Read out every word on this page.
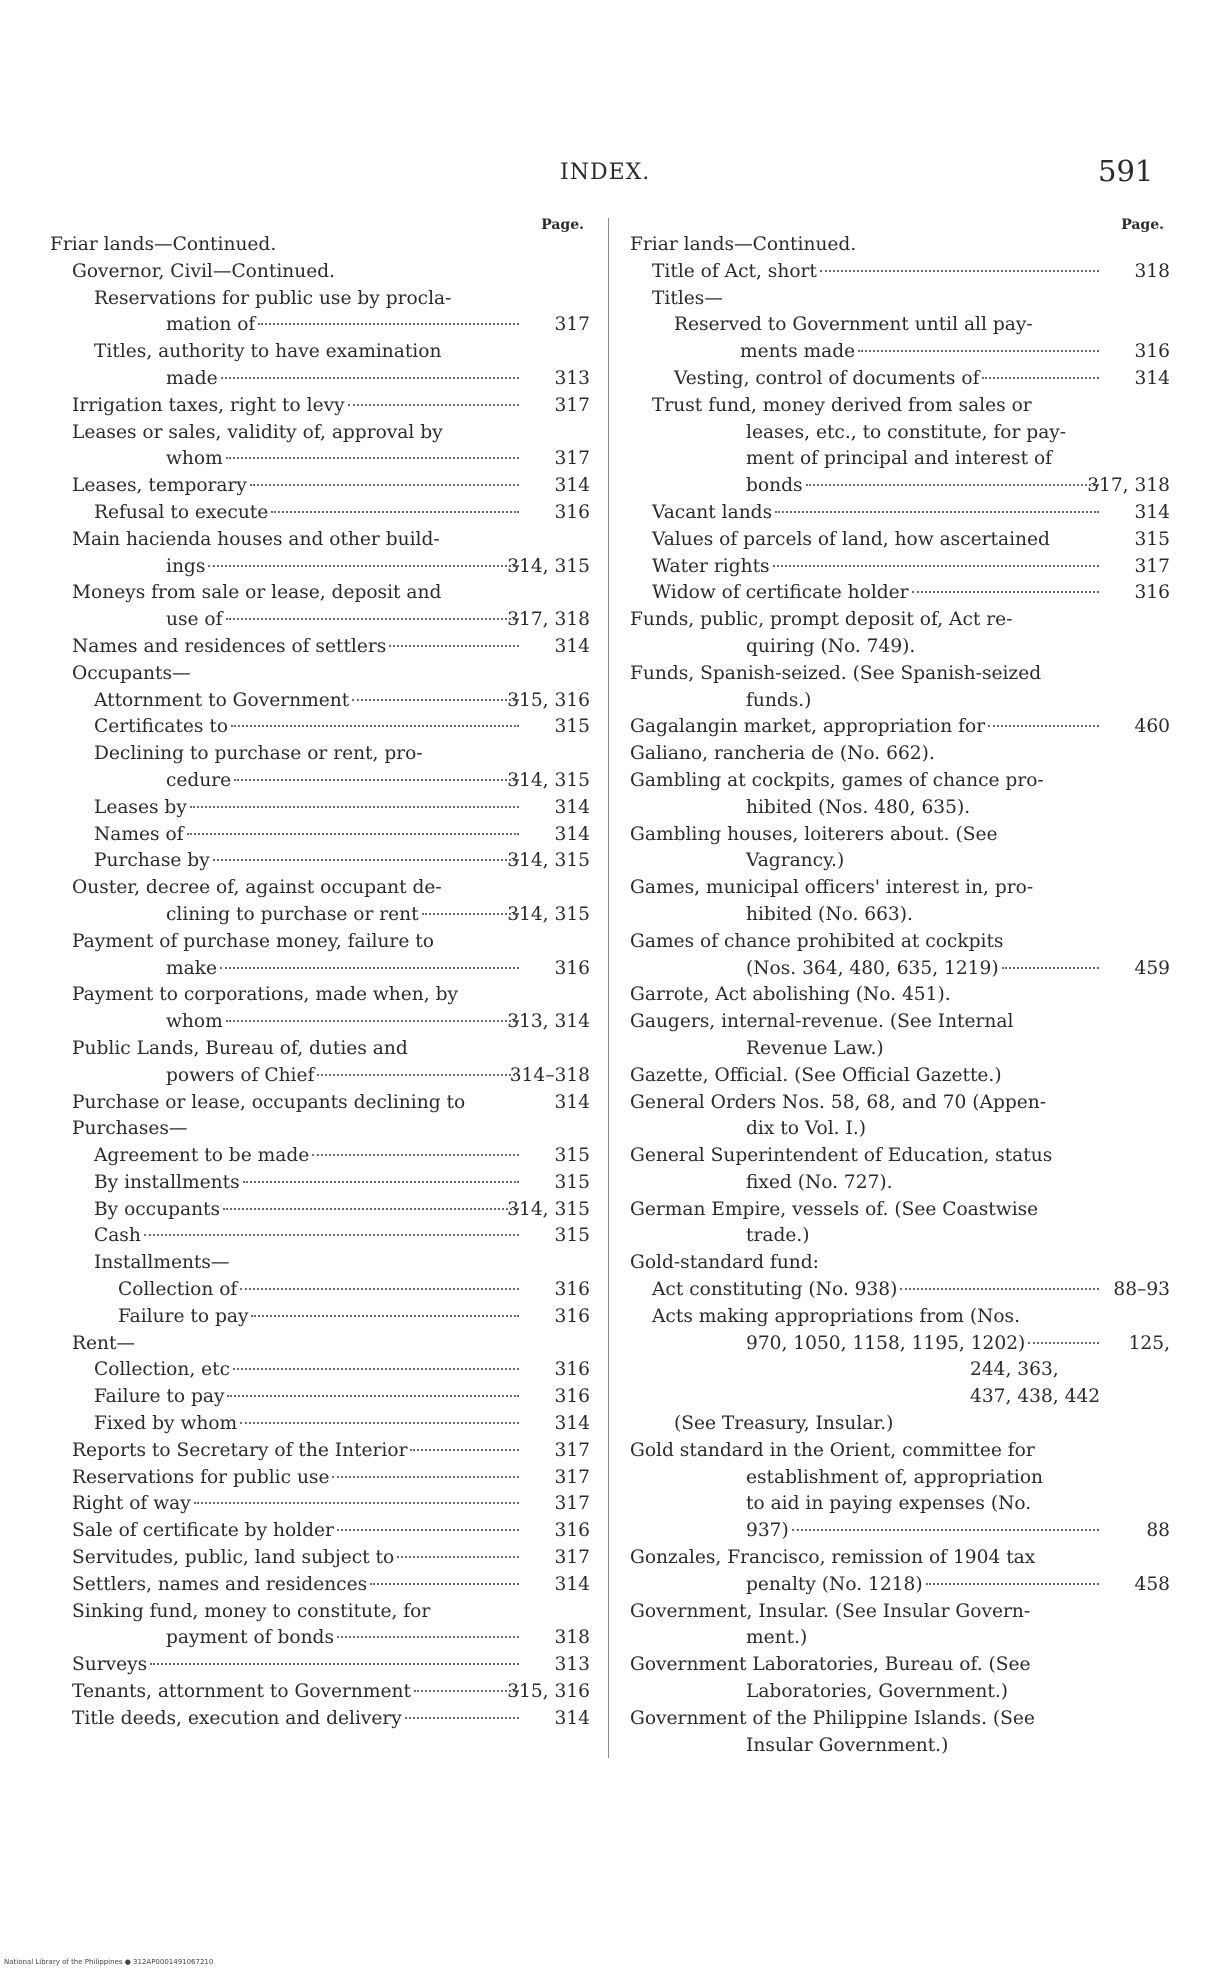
INDEX.	591
Page.
Friar lands—Continued.
Governor, Civil—Continued.
Reservations for public use by procla-
mation of	317
Titles, authority to have examination
made	313
Irrigation taxes, right to levy	317
Leases or sales, validity of, approval by
whom	317
Leases, temporary	314
Refusal to execute	316
Main hacienda houses and other build-
ings	314, 315
Moneys from sale or lease, deposit and
use of	317, 318
Names and residences of settlers	314
Occupants—
Attornment to Government	315, 316
Certificates to	315
Declining to purchase or rent, pro-
cedure	314, 315
Leases by	314
Names of	314
Purchase by	314, 315
Ouster, decree of, against occupant de-
clining to purchase or rent	314, 315
Payment of purchase money, failure to
make	316
Payment to corporations, made when, by
whom	313, 314
Public Lands, Bureau of, duties and
powers of Chief	314–318
Purchase or lease, occupants declining to	314
Purchases—
Agreement to be made	315
By installments	315
By occupants	314, 315
Cash	315
Installments—
Collection of	316
Failure to pay	316
Rent—
Collection, etc	316
Failure to pay	316
Fixed by whom	314
Reports to Secretary of the Interior	317
Reservations for public use	317
Right of way	317
Sale of certificate by holder	316
Servitudes, public, land subject to	317
Settlers, names and residences	314
Sinking fund, money to constitute, for
payment of bonds	318
Surveys	313
Tenants, attornment to Government	315, 316
Title deeds, execution and delivery	314
Page.
Friar lands—Continued.
Title of Act, short	318
Titles—
Reserved to Government until all pay-
ments made	316
Vesting, control of documents of	314
Trust fund, money derived from sales or
leases, etc., to constitute, for pay-
ment of principal and interest of
bonds	317, 318
Vacant lands	314
Values of parcels of land, how ascertained	315
Water rights	317
Widow of certificate holder	316
Funds, public, prompt deposit of, Act re-
quiring (No. 749).
Funds, Spanish-seized. (See Spanish-seized
funds.)
Gagalangin market, appropriation for	460
Galiano, rancheria de (No. 662).
Gambling at cockpits, games of chance pro-
hibited (Nos. 480, 635).
Gambling houses, loiterers about. (See
Vagrancy.)
Games, municipal officers' interest in, pro-
hibited (No. 663).
Games of chance prohibited at cockpits
(Nos. 364, 480, 635, 1219)	459
Garrote, Act abolishing (No. 451).
Gaugers, internal-revenue. (See Internal
Revenue Law.)
Gazette, Official. (See Official Gazette.)
General Orders Nos. 58, 68, and 70 (Appen-
dix to Vol. I.)
General Superintendent of Education, status
fixed (No. 727).
German Empire, vessels of. (See Coastwise
trade.)
Gold-standard fund:
Act constituting (No. 938)	88–93
Acts making appropriations from (Nos.
970, 1050, 1158, 1195, 1202)	125,
244, 363, 437, 438, 442
(See Treasury, Insular.)
Gold standard in the Orient, committee for
establishment of, appropriation
to aid in paying expenses (No.
937)	88
Gonzales, Francisco, remission of 1904 tax
penalty (No. 1218)	458
Government, Insular. (See Insular Govern-
ment.)
Government Laboratories, Bureau of. (See
Laboratories, Government.)
Government of the Philippine Islands. (See
Insular Government.)
National Library of the Philippines ● 312AP0001491067210
